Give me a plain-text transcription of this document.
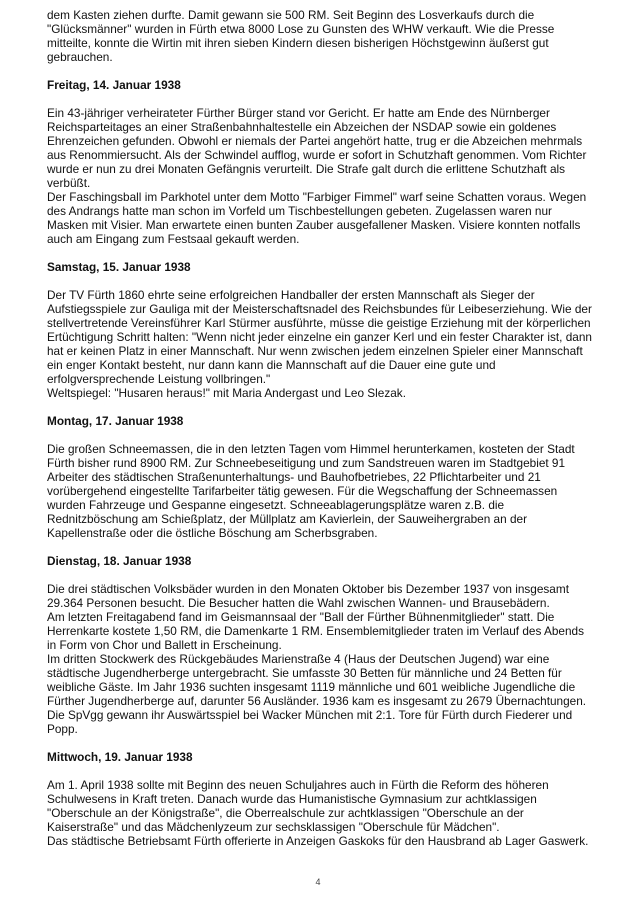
dem Kasten ziehen durfte. Damit gewann sie 500 RM. Seit Beginn des Losverkaufs durch die
"Glücksmänner" wurden in Fürth etwa 8000 Lose zu Gunsten des WHW verkauft. Wie die Presse
mitteilte, konnte die Wirtin mit ihren sieben Kindern diesen bisherigen Höchstgewinn äußerst gut
gebrauchen.
Freitag, 14. Januar 1938
Ein 43-jähriger verheirateter Fürther Bürger stand vor Gericht. Er hatte am Ende des Nürnberger
Reichsparteitages an einer Straßenbahnhaltestelle ein Abzeichen der NSDAP sowie ein goldenes
Ehrenzeichen gefunden. Obwohl er niemals der Partei angehört hatte, trug er die Abzeichen mehrmals
aus Renommiersucht. Als der Schwindel aufflog, wurde er sofort in Schutzhaft genommen. Vom Richter
wurde er nun zu drei Monaten Gefängnis verurteilt. Die Strafe galt durch die erlittene Schutzhaft als
verbüßt.
Der Faschingsball im Parkhotel unter dem Motto "Farbiger Fimmel" warf seine Schatten voraus. Wegen
des Andrangs hatte man schon im Vorfeld um Tischbestellungen gebeten. Zugelassen waren nur
Masken mit Visier. Man erwartete einen bunten Zauber ausgefallener Masken. Visiere konnten notfalls
auch am Eingang zum Festsaal gekauft werden.
Samstag, 15. Januar 1938
Der TV Fürth 1860 ehrte seine erfolgreichen Handballer der ersten Mannschaft als Sieger der
Aufstiegsspiele zur Gauliga mit der Meisterschaftsnadel des Reichsbundes für Leibeserziehung. Wie der
stellvertretende Vereinsführer Karl Stürmer ausführte, müsse die geistige Erziehung mit der körperlichen
Ertüchtigung Schritt halten: "Wenn nicht jeder einzelne ein ganzer Kerl und ein fester Charakter ist, dann
hat er keinen Platz in einer Mannschaft. Nur wenn zwischen jedem einzelnen Spieler einer Mannschaft
ein enger Kontakt besteht, nur dann kann die Mannschaft auf die Dauer eine gute und
erfolgversprechende Leistung vollbringen."
Weltspiegel: "Husaren heraus!" mit Maria Andergast und Leo Slezak.
Montag, 17. Januar 1938
Die großen Schneemassen, die in den letzten Tagen vom Himmel herunterkamen, kosteten der Stadt
Fürth bisher rund 8900 RM. Zur Schneebeseitigung und zum Sandstreuen waren im Stadtgebiet 91
Arbeiter des städtischen Straßenunterhaltungs- und Bauhofbetriebes, 22 Pflichtarbeiter und 21
vorübergehend eingestellte Tarifarbeiter tätig gewesen. Für die Wegschaffung der Schneemassen
wurden Fahrzeuge und Gespanne eingesetzt. Schneeablagerungsplätze waren z.B. die
Rednitzböschung am Schießplatz, der Müllplatz am Kavierlein, der Sauweihergraben an der
Kapellenstraße oder die östliche Böschung am Scherbsgraben.
Dienstag, 18. Januar 1938
Die drei städtischen Volksbäder wurden in den Monaten Oktober bis Dezember 1937 von insgesamt
29.364 Personen besucht. Die Besucher hatten die Wahl zwischen Wannen- und Brausebädern.
Am letzten Freitagabend fand im Geismannsaal der "Ball der Fürther Bühnenmitglieder" statt. Die
Herrenkarte kostete 1,50 RM, die Damenkarte 1 RM. Ensemblemitglieder traten im Verlauf des Abends
in Form von Chor und Ballett in Erscheinung.
Im dritten Stockwerk des Rückgebäudes Marienstraße 4 (Haus der Deutschen Jugend) war eine
städtische Jugendherberge untergebracht. Sie umfasste 30 Betten für männliche und 24 Betten für
weibliche Gäste. Im Jahr 1936 suchten insgesamt 1119 männliche und 601 weibliche Jugendliche die
Fürther Jugendherberge auf, darunter 56 Ausländer. 1936 kam es insgesamt zu 2679 Übernachtungen.
Die SpVgg gewann ihr Auswärtsspiel bei Wacker München mit 2:1. Tore für Fürth durch Fiederer und
Popp.
Mittwoch, 19. Januar 1938
Am 1. April 1938 sollte mit Beginn des neuen Schuljahres auch in Fürth die Reform des höheren
Schulwesens in Kraft treten. Danach wurde das Humanistische Gymnasium zur achtklassigen
"Oberschule an der Königstraße", die Oberrealschule zur achtklassigen "Oberschule an der
Kaiserstraße" und das Mädchenlyzeum zur sechsklassigen "Oberschule für Mädchen".
Das städtische Betriebsamt Fürth offerierte in Anzeigen Gaskoks für den Hausbrand ab Lager Gaswerk.
4
